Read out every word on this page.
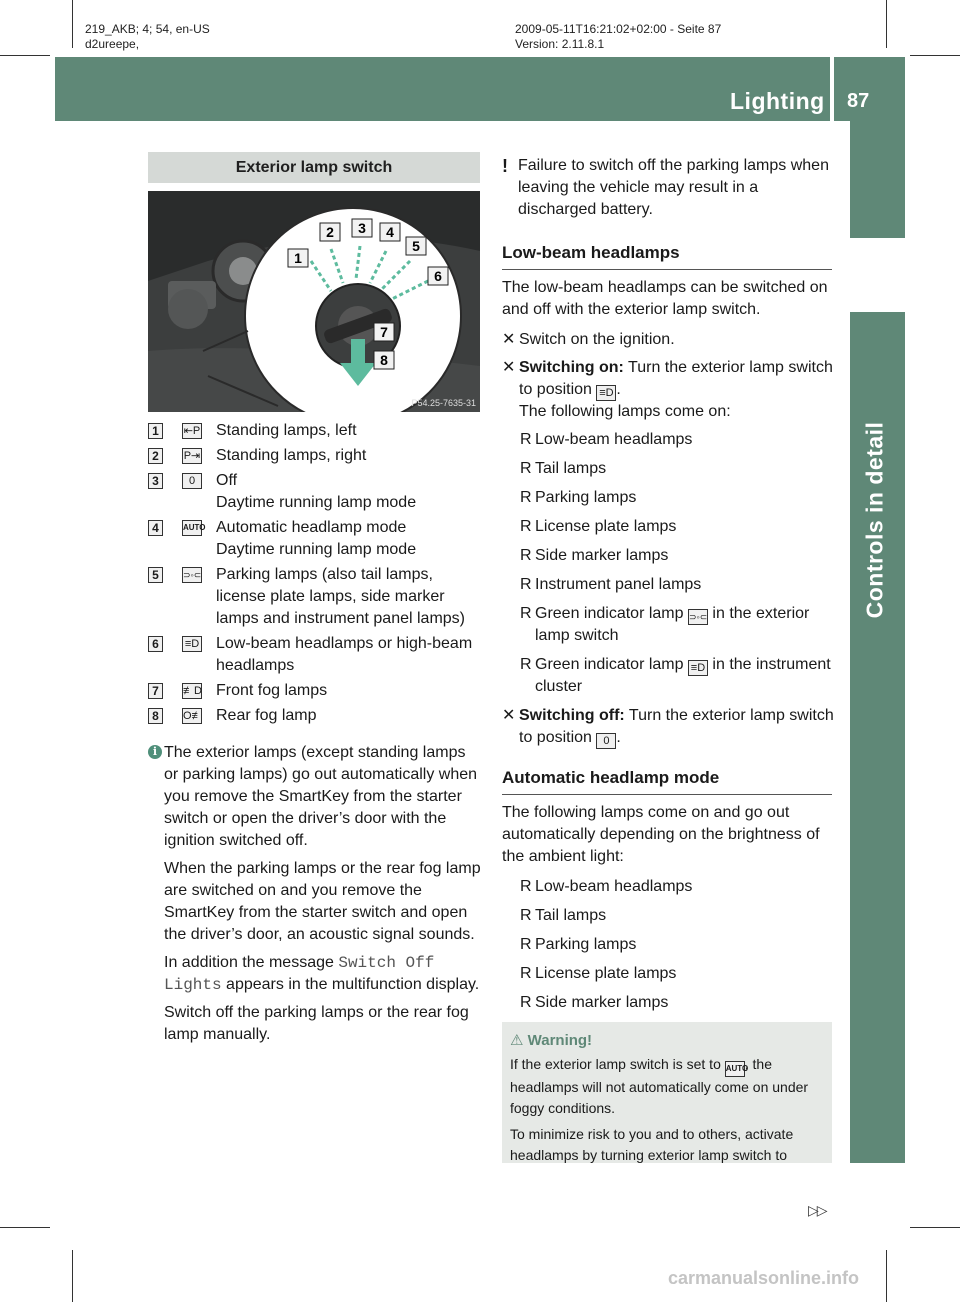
219_AKB; 4; 54, en-US
d2ureepe,
2009-05-11T16:21:02+02:00 - Seite 87
Version: 2.11.8.1
Lighting 87
Controls in detail
Exterior lamp switch
1
2 3 4
5
6
7
8
P54.25-7635-31
1	⇤P Standing lamps, left
2	P⇥ Standing lamps, right
3	0	Off
Daytime running lamp mode
4	AUTO Automatic headlamp mode
Daytime running lamp mode
5	⊃◦⊂ Parking lamps (also tail lamps, license plate lamps, side marker lamps and instrument panel lamps)
6	≡D Low-beam headlamps or high-beam headlamps
7	≢D Front fog lamps
8	O≢ Rear fog lamp
i The exterior lamps (except standing lamps or parking lamps) go out automatically when you remove the SmartKey from the starter switch or open the driver’s door with the ignition switched off.

When the parking lamps or the rear fog lamp are switched on and you remove the SmartKey from the starter switch and open the driver’s door, an acoustic signal sounds.

In addition the message Switch Off Lights appears in the multifunction display.

Switch off the parking lamps or the rear fog lamp manually.

! Failure to switch off the parking lamps when leaving the vehicle may result in a discharged battery.
Low-beam headlamps

The low-beam headlamps can be switched on and off with the exterior lamp switch.

✕ Switch on the ignition.
✕ Switching on: Turn the exterior lamp switch to position ≡D .
The following lamps come on:
R Low-beam headlamps
R Tail lamps
R Parking lamps
R License plate lamps
R Side marker lamps
R Instrument panel lamps
R Green indicator lamp ⊃◦⊂ in the exterior lamp switch
R Green indicator lamp ≡D in the instrument cluster
✕ Switching off: Turn the exterior lamp switch to position 0 .
Automatic headlamp mode

The following lamps come on and go out automatically depending on the brightness of the ambient light:

R Low-beam headlamps
R Tail lamps
R Parking lamps
R License plate lamps
R Side marker lamps
⚠ Warning!

If the exterior lamp switch is set to AUTO, the headlamps will not automatically come on under foggy conditions.

To minimize risk to you and to others, activate headlamps by turning exterior lamp switch to

▷▷
carmanualsonline.info
